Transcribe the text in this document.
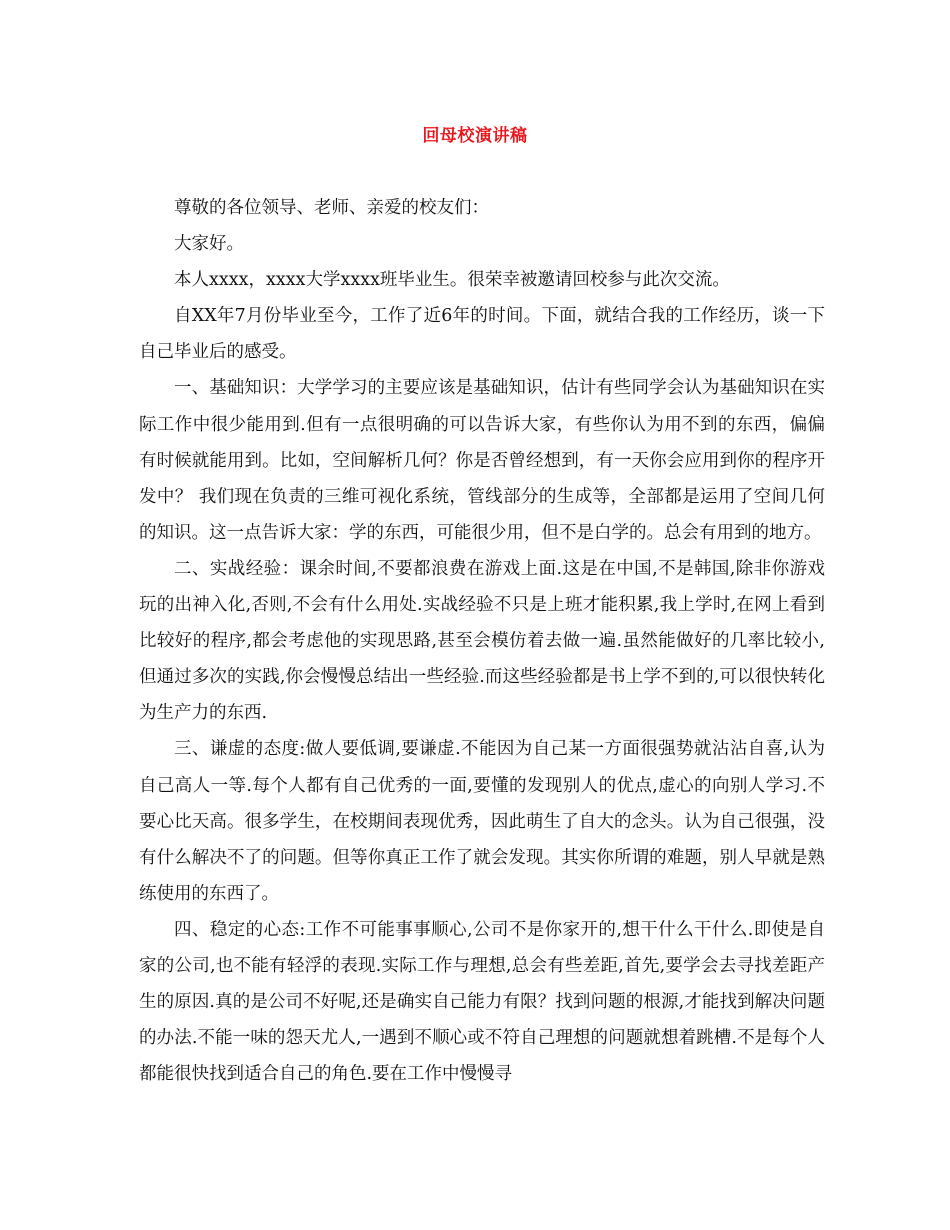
回母校演讲稿

尊敬的各位领导、老师、亲爱的校友们：

大家好。

本人xxxx，xxxx大学xxxx班毕业生。很荣幸被邀请回校参与此次交流。

自XX年7月份毕业至今，工作了近6年的时间。下面，就结合我的工作经历，谈一下自己毕业后的感受。

一、基础知识：大学学习的主要应该是基础知识，估计有些同学会认为基础知识在实际工作中很少能用到.但有一点很明确的可以告诉大家，有些你认为用不到的东西，偏偏有时候就能用到。比如，空间解析几何？你是否曾经想到，有一天你会应用到你的程序开发中？ 我们现在负责的三维可视化系统，管线部分的生成等，全部都是运用了空间几何的知识。这一点告诉大家：学的东西，可能很少用，但不是白学的。总会有用到的地方。

二、实战经验：课余时间,不要都浪费在游戏上面.这是在中国,不是韩国,除非你游戏玩的出神入化,否则,不会有什么用处.实战经验不只是上班才能积累,我上学时,在网上看到比较好的程序,都会考虑他的实现思路,甚至会模仿着去做一遍.虽然能做好的几率比较小,但通过多次的实践,你会慢慢总结出一些经验.而这些经验都是书上学不到的,可以很快转化为生产力的东西.

三、谦虚的态度:做人要低调,要谦虚.不能因为自己某一方面很强势就沾沾自喜,认为自己高人一等.每个人都有自己优秀的一面,要懂的发现别人的优点,虚心的向别人学习.不要心比天高。很多学生，在校期间表现优秀，因此萌生了自大的念头。认为自己很强，没有什么解决不了的问题。但等你真正工作了就会发现。其实你所谓的难题，别人早就是熟练使用的东西了。

四、稳定的心态:工作不可能事事顺心,公司不是你家开的,想干什么干什么.即使是自家的公司,也不能有轻浮的表现.实际工作与理想,总会有些差距,首先,要学会去寻找差距产生的原因.真的是公司不好呢,还是确实自己能力有限？找到问题的根源,才能找到解决问题的办法.不能一味的怨天尤人,一遇到不顺心或不符自己理想的问题就想着跳槽.不是每个人都能很快找到适合自己的角色.要在工作中慢慢寻
